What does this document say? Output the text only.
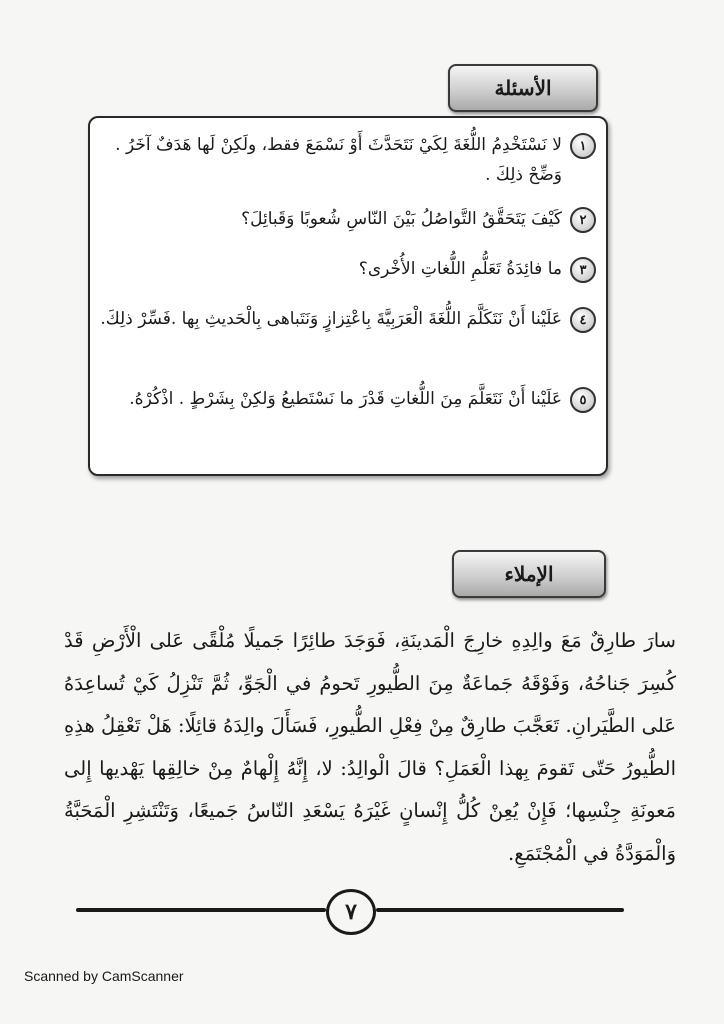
الأسئلة
١
لا نَسْتَخْدِمُ اللُّغَةَ لِكَيْ نَتَحَدَّثَ أَوْ نَسْمَعَ فقط، ولَكِنْ لَها هَدَفٌ آخَرُ . وَضِّحْ ذلِكَ .
٢
كَيْفَ يَتَحَقَّقُ التَّواصُلُ بَيْنَ النّاسِ شُعوبًا وَقَبائِلَ؟
٣
ما فائِدَةُ تَعَلُّمِ اللُّغاتِ الأُخْرى؟
٤
عَلَيْنا أَنْ نَتَكَلَّمَ اللُّغَةَ الْعَرَبِيَّةَ بِاعْتِزازٍ وَنَتَباهى بِالْحَديثِ بِها .فَسِّرْ ذلِكَ.
٥
عَلَيْنا أَنْ نَتَعَلَّمَ مِنَ اللُّغاتِ قَدْرَ ما نَسْتَطيعُ وَلكِنْ بِشَرْطٍ . اذْكُرْهُ.
الإملاء
سارَ طارِقٌ مَعَ والِدِهِ خارِجَ الْمَدينَةِ، فَوَجَدَ طائِرًا جَميلًا مُلْقًى عَلى الْأَرْضِ قَدْ كُسِرَ جَناحُهُ، وَفَوْقَهُ جَماعَةٌ مِنَ الطُّيورِ تَحومُ في الْجَوِّ، ثُمَّ تَنْزِلُ كَيْ تُساعِدَهُ عَلى الطَّيَرانِ. تَعَجَّبَ طارِقٌ مِنْ فِعْلِ الطُّيورِ، فَسَأَلَ والِدَهُ قائِلًا: هَلْ تَعْقِلُ هذِهِ الطُّيورُ حَتّى تَقومَ بِهذا الْعَمَلِ؟ قالَ الْوالِدُ: لا، إِنَّهُ إِلْهامٌ مِنْ خالِقِها يَهْديها إِلى مَعونَةِ جِنْسِها؛ فَإِنْ يُعِنْ كُلُّ إِنْسانٍ غَيْرَهُ يَسْعَدِ النّاسُ جَميعًا، وَتَنْتَشِرِ الْمَحَبَّةُ وَالْمَوَدَّةُ في الْمُجْتَمَعِ.
٧
Scanned by CamScanner
